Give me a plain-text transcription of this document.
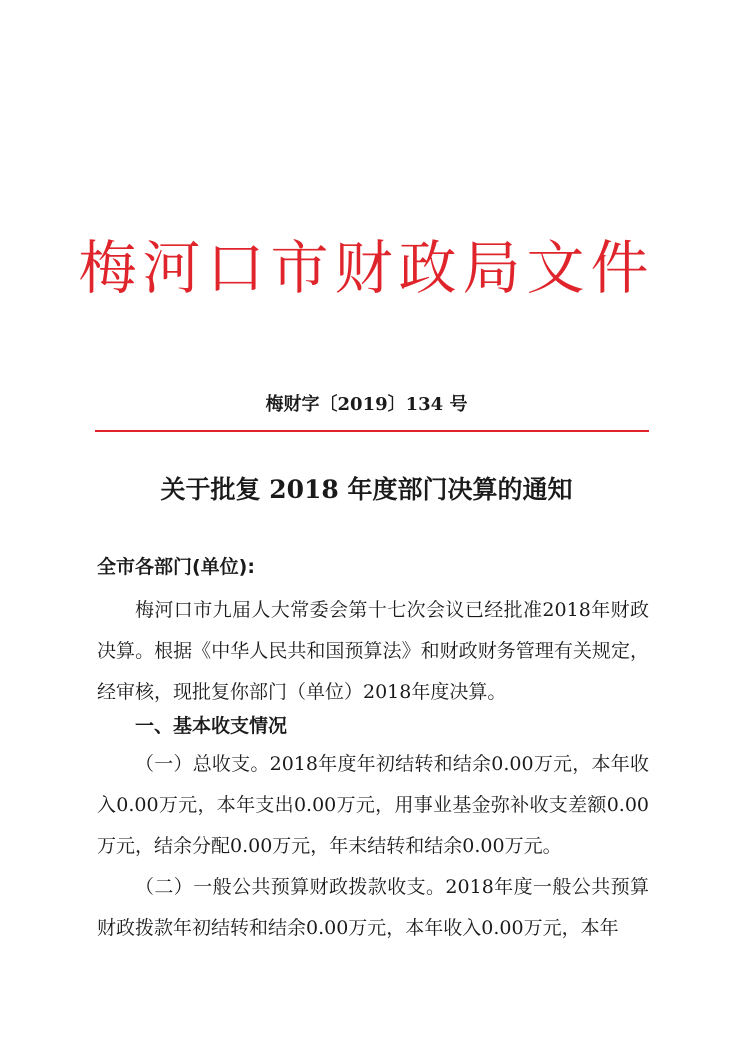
梅河口市财政局文件
梅财字〔2019〕134 号
关于批复 2018 年度部门决算的通知
全市各部门(单位):
梅河口市九届人大常委会第十七次会议已经批准2018年财政决算。根据《中华人民共和国预算法》和财政财务管理有关规定，经审核，现批复你部门（单位）2018年度决算。
一、基本收支情况
（一）总收支。2018年度年初结转和结余0.00万元，本年收入0.00万元，本年支出0.00万元，用事业基金弥补收支差额0.00万元，结余分配0.00万元，年末结转和结余0.00万元。
（二）一般公共预算财政拨款收支。2018年度一般公共预算财政拨款年初结转和结余0.00万元，本年收入0.00万元，本年
